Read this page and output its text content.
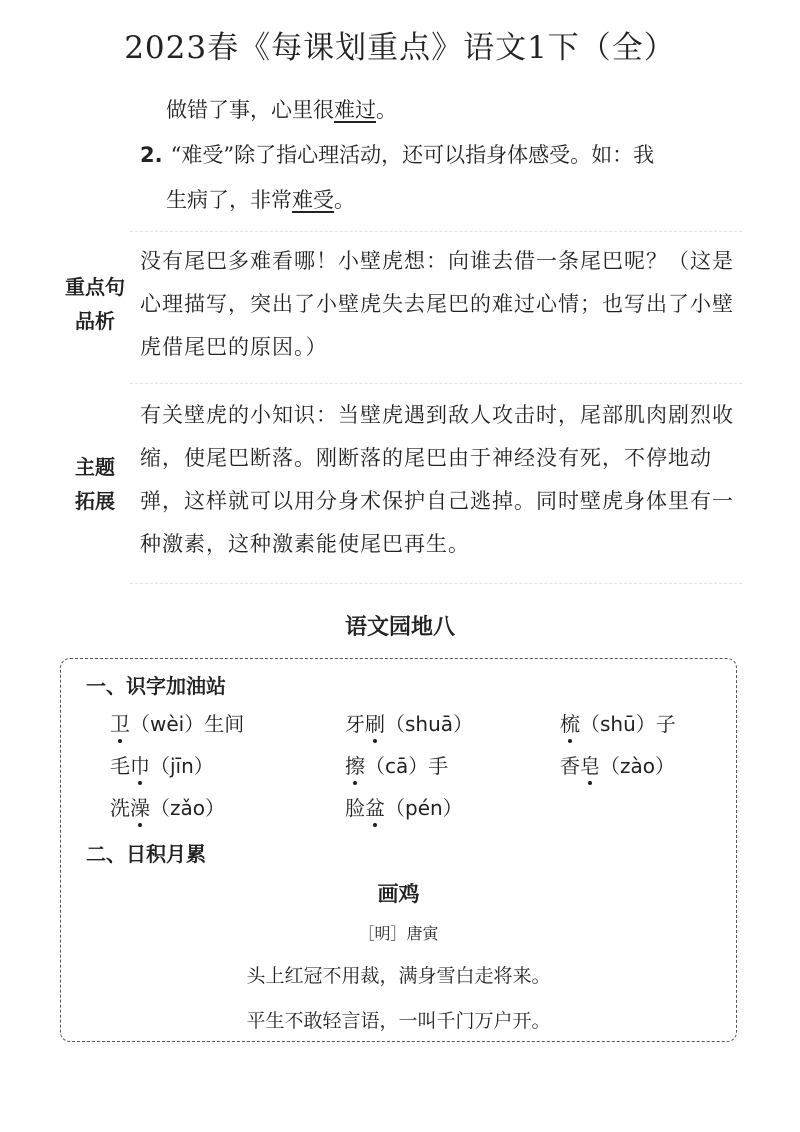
2023春《每课划重点》语文1下（全）
做错了事，心里很难过。
2. “难受”除了指心理活动，还可以指身体感受。如：我
生病了，非常难受。
重点句
品析
没有尾巴多难看哪！小壁虎想：向谁去借一条尾巴呢？（这是心理描写，突出了小壁虎失去尾巴的难过心情；也写出了小壁虎借尾巴的原因。）
主题
拓展
有关壁虎的小知识：当壁虎遇到敌人攻击时，尾部肌肉剧烈收缩，使尾巴断落。刚断落的尾巴由于神经没有死，不停地动弹，这样就可以用分身术保护自己逃掉。同时壁虎身体里有一种激素，这种激素能使尾巴再生。
语文园地八
一、识字加油站
卫（wèi）生间	牙刷（shuā）	梳（shū）子
毛巾（jīn）	擦（cā）手	香皂（zào）
洗澡（zǎo）	脸盆（pén）
二、日积月累
画鸡
［明］唐寅
头上红冠不用裁，满身雪白走将来。
平生不敢轻言语，一叫千门万户开。
